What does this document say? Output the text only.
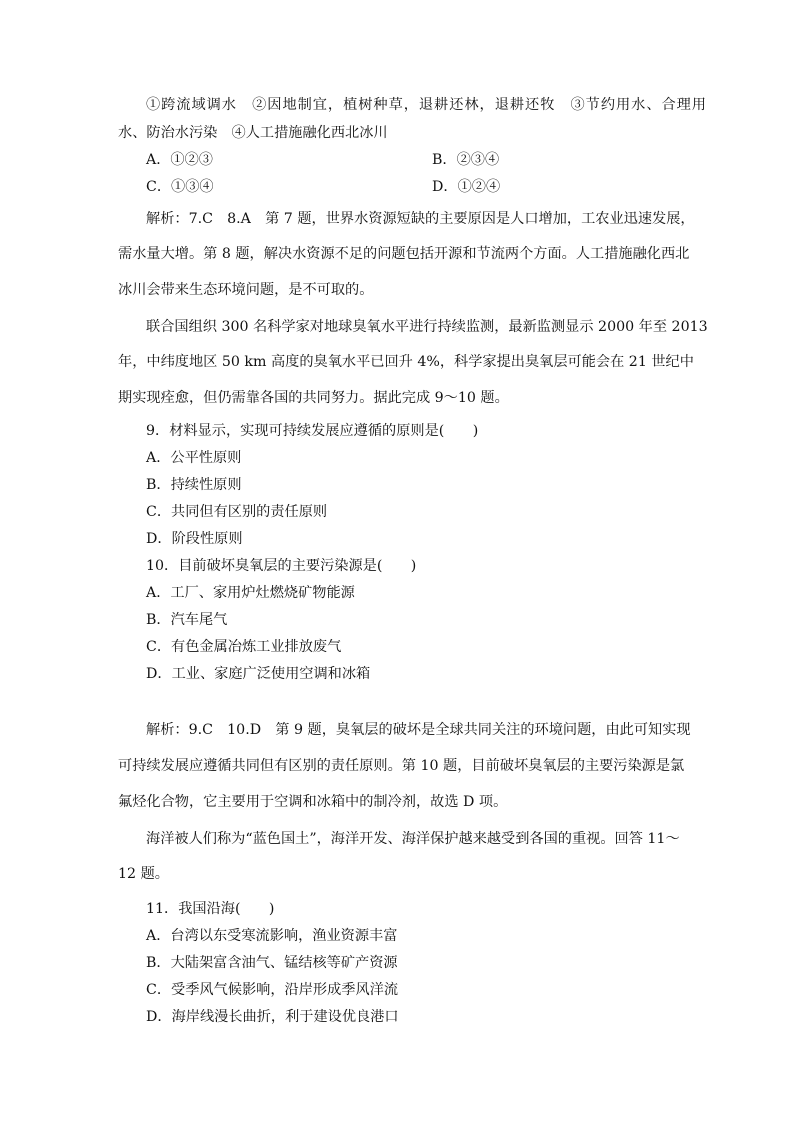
①跨流域调水　②因地制宜，植树种草，退耕还林，退耕还牧　③节约用水、合理用
水、防治水污染　④人工措施融化西北冰川
A．①②③	B．②③④
C．①③④	D．①②④
解析：7.C　8.A　第 7 题，世界水资源短缺的主要原因是人口增加，工农业迅速发展，
需水量大增。第 8 题，解决水资源不足的问题包括开源和节流两个方面。人工措施融化西北
冰川会带来生态环境问题，是不可取的。
联合国组织 300 名科学家对地球臭氧水平进行持续监测，最新监测显示 2000 年至 2013
年，中纬度地区 50 km 高度的臭氧水平已回升 4%，科学家提出臭氧层可能会在 21 世纪中
期实现痊愈，但仍需靠各国的共同努力。据此完成 9～10 题。
9．材料显示，实现可持续发展应遵循的原则是(　　)
A．公平性原则
B．持续性原则
C．共同但有区别的责任原则
D．阶段性原则
10．目前破坏臭氧层的主要污染源是(　　)
A．工厂、家用炉灶燃烧矿物能源
B．汽车尾气
C．有色金属冶炼工业排放废气
D．工业、家庭广泛使用空调和冰箱
解析：9.C　10.D　第 9 题，臭氧层的破坏是全球共同关注的环境问题，由此可知实现
可持续发展应遵循共同但有区别的责任原则。第 10 题，目前破坏臭氧层的主要污染源是氯
氟烃化合物，它主要用于空调和冰箱中的制冷剂，故选 D 项。
海洋被人们称为“蓝色国土”，海洋开发、海洋保护越来越受到各国的重视。回答 11～
12 题。
11．我国沿海(　　)
A．台湾以东受寒流影响，渔业资源丰富
B．大陆架富含油气、锰结核等矿产资源
C．受季风气候影响，沿岸形成季风洋流
D．海岸线漫长曲折，利于建设优良港口
